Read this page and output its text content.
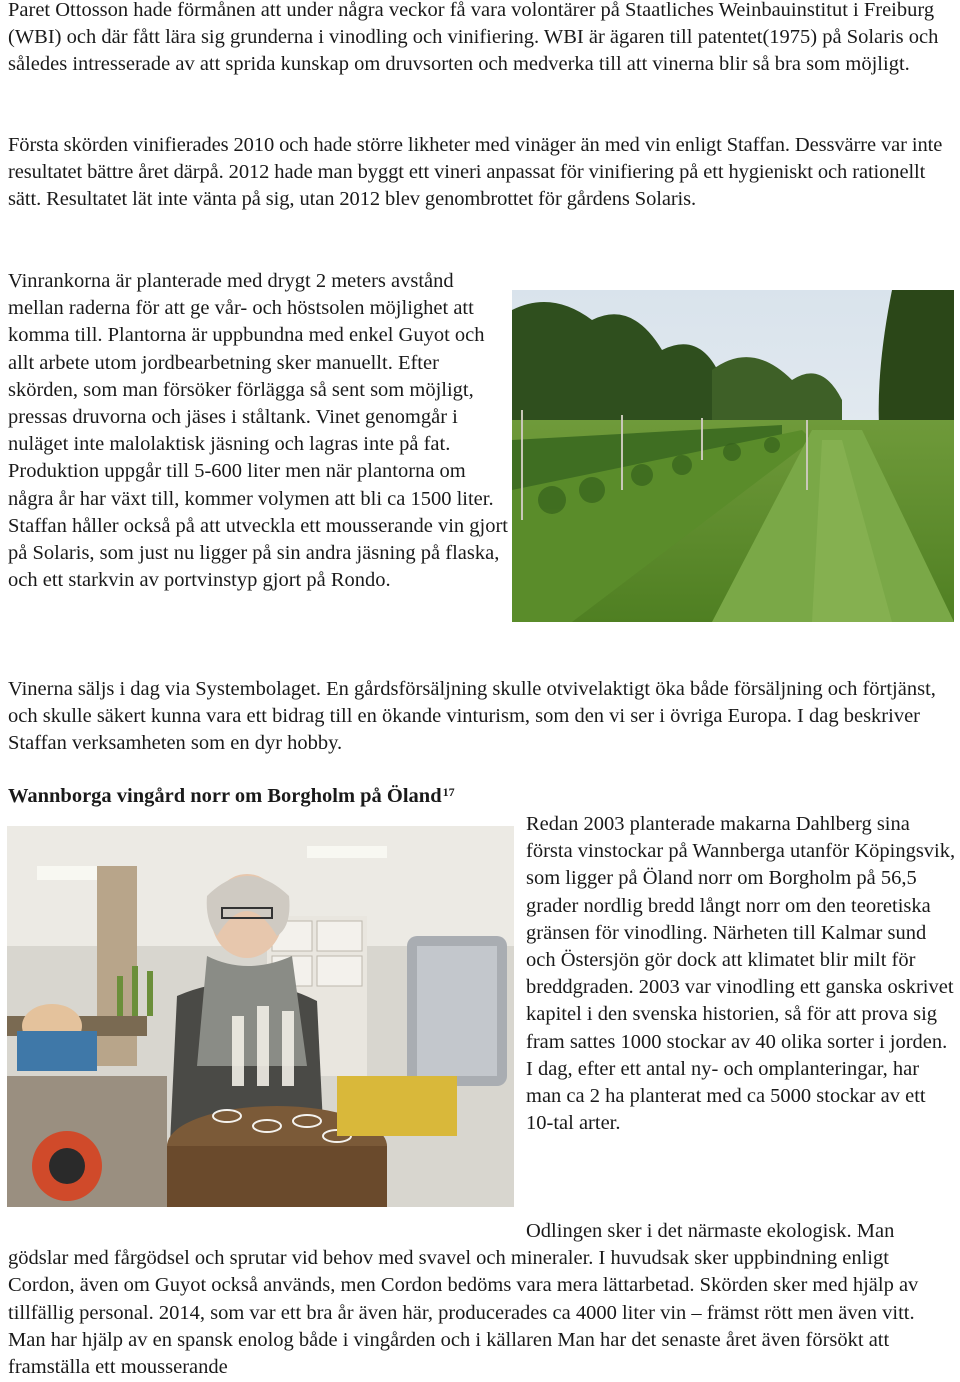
Paret Ottosson hade förmånen att under några veckor få vara volontärer på Staatliches Weinbauinstitut i Freiburg (WBI) och där fått lära sig grunderna i vinodling och vinifiering. WBI är ägaren till patentet(1975) på Solaris och således intresserade av att sprida kunskap om druvsorten och medverka till att vinerna blir så bra som möjligt.

Första skörden vinifierades 2010 och hade större likheter med vinäger än med vin enligt Staffan. Dessvärre var inte resultatet bättre året därpå. 2012 hade man byggt ett vineri anpassat för vinifiering på ett hygieniskt och rationellt sätt. Resultatet lät inte vänta på sig, utan 2012 blev genombrottet för gårdens Solaris.

Vinrankorna är planterade med drygt 2 meters avstånd mellan raderna för att ge vår- och höstsolen möjlighet att komma till. Plantorna är uppbundna med enkel Guyot och allt arbete utom jordbearbetning sker manuellt. Efter skörden, som man försöker förlägga så sent som möjligt, pressas druvorna och jäses i ståltank. Vinet genomgår i nuläget inte malolaktisk jäsning och lagras inte på fat. Produktion uppgår till 5-600 liter men när plantorna om några år har växt till, kommer volymen att bli ca 1500 liter. Staffan håller också på att utveckla ett mousserande vin gjort på Solaris, som just nu ligger på sin andra jäsning på flaska, och ett starkvin av portvinstyp gjort på Rondo.

Vinerna säljs i dag via Systembolaget. En gårdsförsäljning skulle otvivelaktigt öka både försäljning och förtjänst, och skulle säkert kunna vara ett bidrag till en ökande vinturism, som den vi ser i övriga Europa. I dag beskriver Staffan verksamheten som en dyr hobby.

Wannborga vingård norr om Borgholm på Öland$^{17}$

Redan 2003 planterade makarna Dahlberg sina första vinstockar på Wannberga utanför Köpingsvik, som ligger på Öland norr om Borgholm på 56,5 grader nordlig bredd långt norr om den teoretiska gränsen för vinodling. Närheten till Kalmar sund och Östersjön gör dock att klimatet blir milt för breddgraden. 2003 var vinodling ett ganska oskrivet kapitel i den svenska historien, så för att prova sig fram sattes 1000 stockar av 40 olika sorter i jorden. I dag, efter ett antal ny- och omplanteringar, har man ca 2 ha planterat med ca 5000 stockar av ett 10-tal arter.

Odlingen sker i det närmaste ekologisk. Man gödslar med fårgödsel och sprutar vid behov med svavel och mineraler. I huvudsak sker uppbindning enligt Cordon, även om Guyot också används, men Cordon bedöms vara mera lättarbetad. Skörden sker med hjälp av tillfällig personal. 2014, som var ett bra år även här, producerades ca 4000 liter vin – främst rött men även vitt. Man har hjälp av en spansk enolog både i vingården och i källaren Man har det senaste året även försökt att framställa ett mousserande
